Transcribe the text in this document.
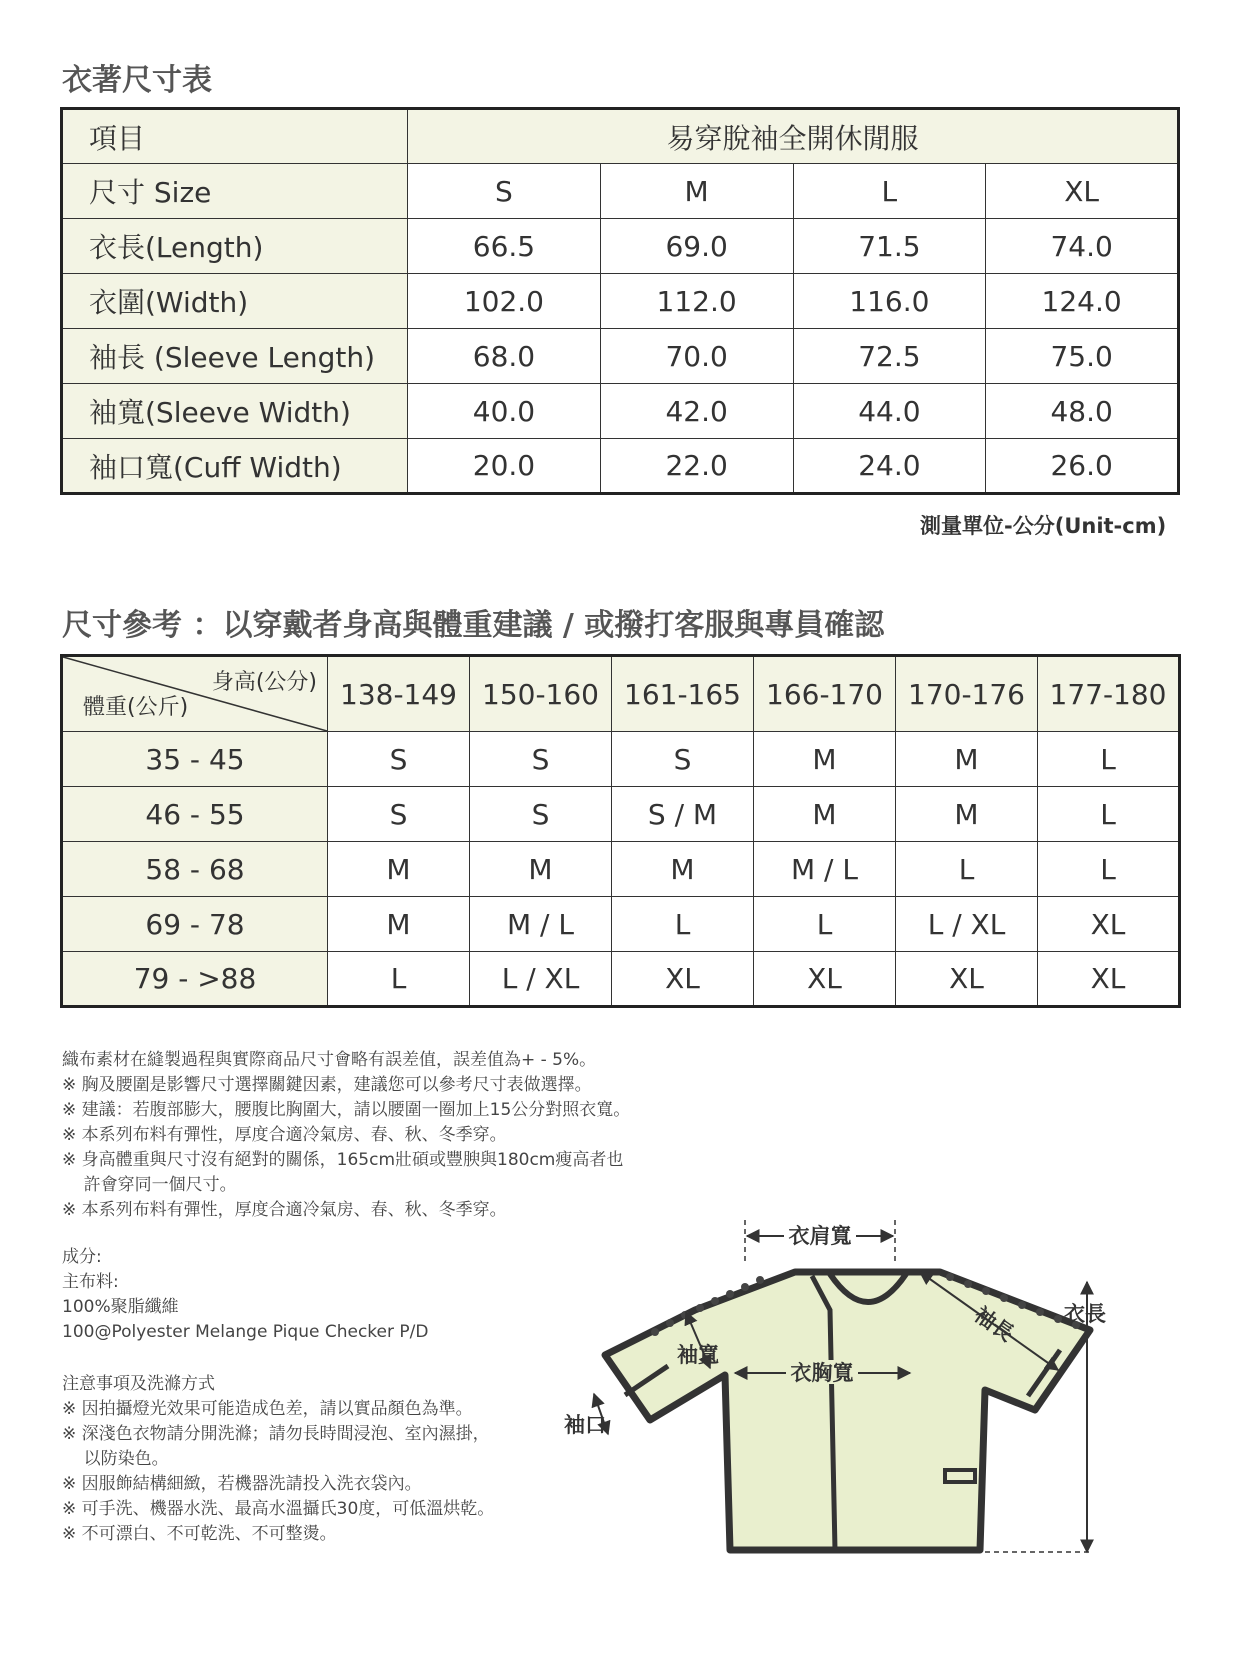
衣著尺寸表
項目	易穿脫袖全開休閒服			
尺寸 Size	S	M	L	XL
衣長(Length)	66.5	69.0	71.5	74.0
衣圍(Width)	102.0	112.0	116.0	124.0
袖長 (Sleeve Length)	68.0	70.0	72.5	75.0
袖寬(Sleeve Width)	40.0	42.0	44.0	48.0
袖口寬(Cuff Width)	20.0	22.0	24.0	26.0
測量單位-公分(Unit-cm)
尺寸參考 ：以穿戴者身高與體重建議 / 或撥打客服與專員確認
身高(公分)
體重(公斤)	138-149	150-160	161-165	166-170	170-176	177-180
35 - 45	S	S	S	M	M	L
46 - 55	S	S	S / M	M	M	L
58 - 68	M	M	M	M / L	L	L
69 - 78	M	M / L	L	L	L / XL	XL
79 - >88	L	L / XL	XL	XL	XL	XL
織布素材在縫製過程與實際商品尺寸會略有誤差值，誤差值為+ - 5%。
※ 胸及腰圍是影響尺寸選擇關鍵因素，建議您可以參考尺寸表做選擇。
※ 建議：若腹部膨大，腰腹比胸圍大，請以腰圍一圈加上15公分對照衣寬。
※ 本系列布料有彈性，厚度合適冷氣房、春、秋、冬季穿。
※ 身高體重與尺寸沒有絕對的關係，165cm壯碩或豐腴與180cm瘦高者也
許會穿同一個尺寸。
※ 本系列布料有彈性，厚度合適冷氣房、春、秋、冬季穿。
成分:
主布料:
100%聚脂纖維
100@Polyester Melange Pique Checker P/D
注意事項及洗滌方式
※ 因拍攝燈光效果可能造成色差，請以實品顏色為準。
※ 深淺色衣物請分開洗滌；請勿長時間浸泡、室內濕掛，
以防染色。
※ 因服飾結構細緻，若機器洗請投入洗衣袋內。
※ 可手洗、機器水洗、最高水溫攝氏30度，可低溫烘乾。
※ 不可漂白、不可乾洗、不可整燙。
衣肩寬
袖長 衣長
衣胸寬
袖寬
袖口
